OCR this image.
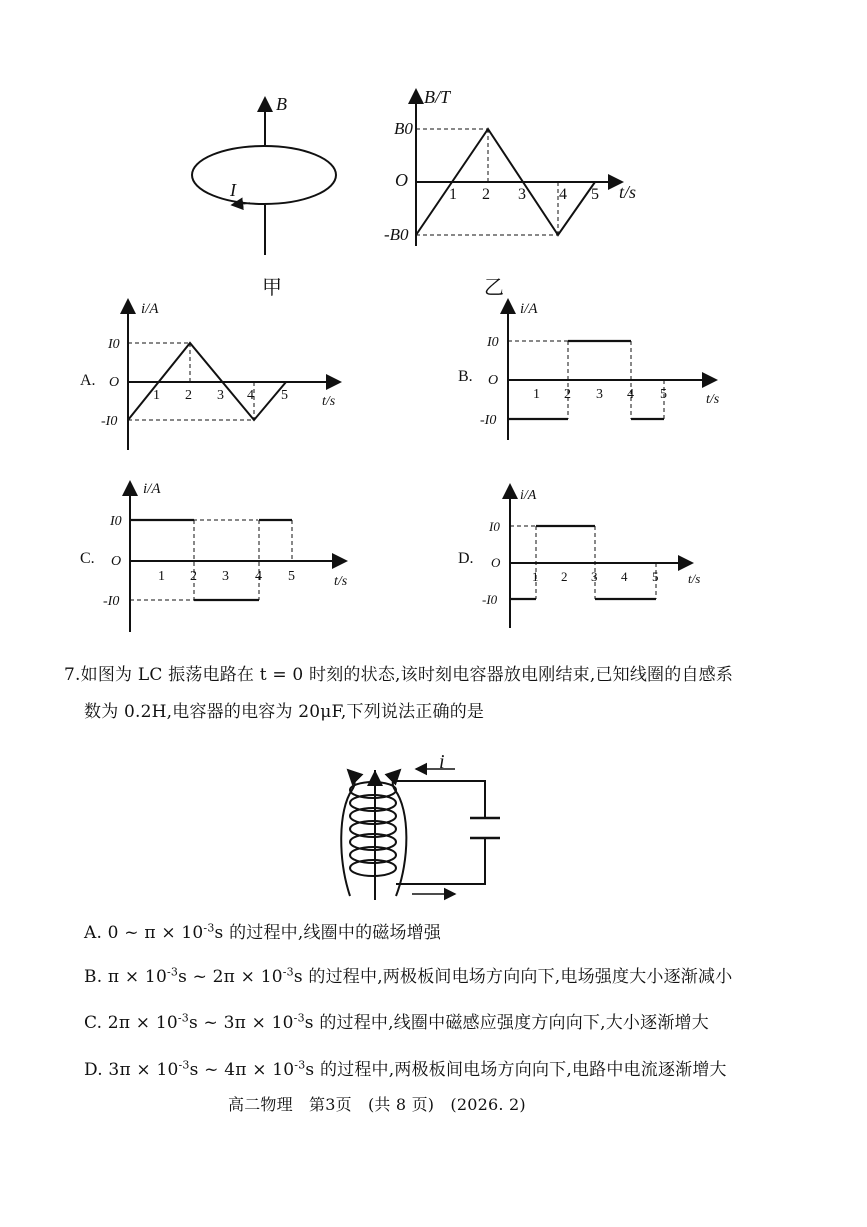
B
I
甲
B/T
t/s
O
B0
-B0
1 2 3 4 5
乙
A.
i/A
t/s
O
I0
-I0
1 2 3 4 5
B.
i/A
t/s
O
I0
-I0
1 2 3 4 5
C.
i/A
t/s
O
I0
-I0
1 2 3 4 5
D.
i/A
t/s
O
I0
-I0
1 2 3 4 5
i
7.如图为 LC 振荡电路在 t = 0 时刻的状态,该时刻电容器放电刚结束,已知线圈的自感系
数为 0.2H,电容器的电容为 20μF,下列说法正确的是
A. 0 ~ $\pi \times 10^{-3}s$ 的过程中,线圈中的磁场增强
B. $\pi \times 10^{-3}s$ ~ $2\pi \times 10^{-3}s$ 的过程中,两极板间电场方向向下,电场强度大小逐渐减小
C. $2\pi \times 10^{-3}s$ ~ $3\pi \times 10^{-3}s$ 的过程中,线圈中磁感应强度方向向下,大小逐渐增大
D. $3\pi \times 10^{-3}s$ ~ $4\pi \times 10^{-3}s$ 的过程中,两极板间电场方向向下,电路中电流逐渐增大
高二物理　第3页　(共 8 页)　(2026. 2)
